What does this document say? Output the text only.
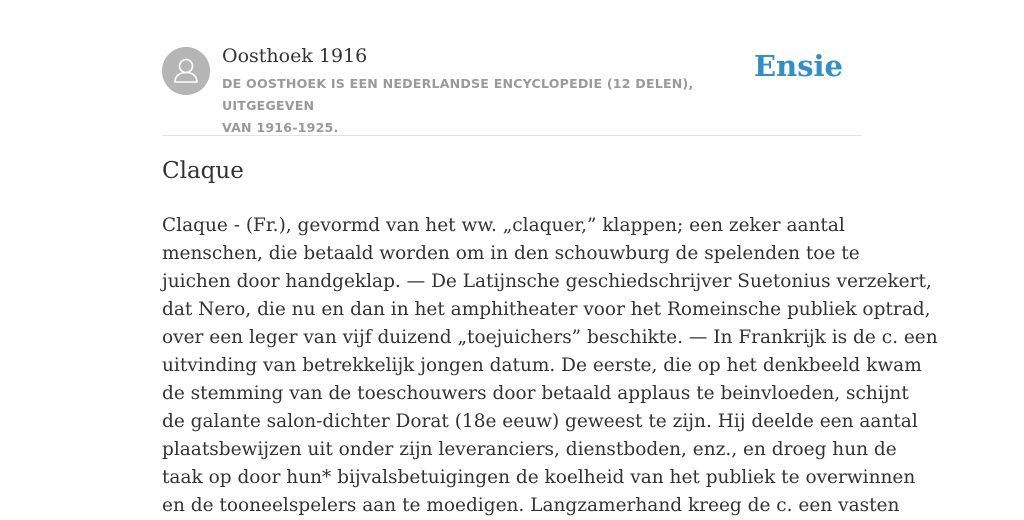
Oosthoek 1916
DE OOSTHOEK IS EEN NEDERLANDSE ENCYCLOPEDIE (12 DELEN), UITGEGEVEN
VAN 1916-1925.
Ensie
Claque

Claque - (Fr.), gevormd van het ww. „claquer,” klappen; een zeker aantal
menschen, die betaald worden om in den schouwburg de spelenden toe te
juichen door handgeklap. — De Latijnsche geschiedschrijver Suetonius verzekert,
dat Nero, die nu en dan in het amphitheater voor het Romeinsche publiek optrad,
over een leger van vijf duizend „toejuichers” beschikte. — In Frankrijk is de c. een
uitvinding van betrekkelijk jongen datum. De eerste, die op het denkbeeld kwam
de stemming van de toeschouwers door betaald applaus te beinvloeden, schijnt
de galante salon-dichter Dorat (18e eeuw) geweest te zijn. Hij deelde een aantal
plaatsbewijzen uit onder zijn leveranciers, dienstboden, enz., en droeg hun de
taak op door hun* bijvalsbetuigingen de koelheid van het publiek te overwinnen
en de tooneelspelers aan te moedigen. Langzamerhand kreeg de c. een vasten
